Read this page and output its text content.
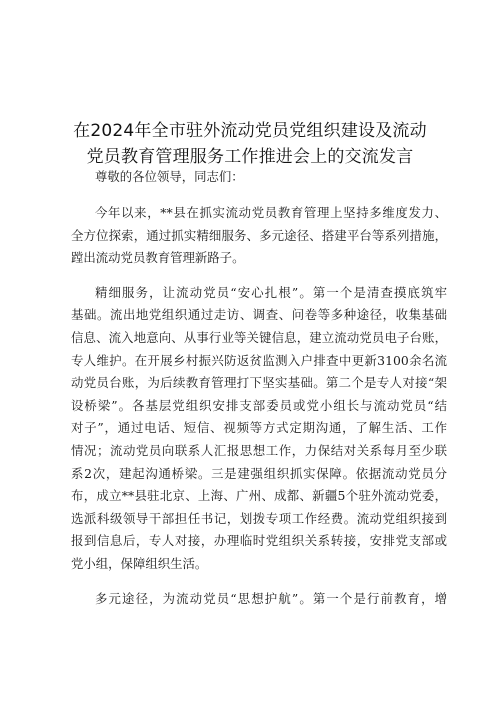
在2024年全市驻外流动党员党组织建设及流动
党员教育管理服务工作推进会上的交流发言
尊敬的各位领导，同志们：
今年以来，**县在抓实流动党员教育管理上坚持多维度发力、
全方位探索，通过抓实精细服务、多元途径、搭建平台等系列措施，
蹚出流动党员教育管理新路子。
精细服务，让流动党员“安心扎根”。第一个是清查摸底筑牢
基础。流出地党组织通过走访、调查、问卷等多种途径，收集基础
信息、流入地意向、从事行业等关键信息，建立流动党员电子台账，
专人维护。在开展乡村振兴防返贫监测入户排查中更新3100余名流
动党员台账，为后续教育管理打下坚实基础。第二个是专人对接“架
设桥梁”。各基层党组织安排支部委员或党小组长与流动党员“结
对子”，通过电话、短信、视频等方式定期沟通，了解生活、工作
情况；流动党员向联系人汇报思想工作，力保结对关系每月至少联
系2次，建起沟通桥梁。三是建强组织抓实保障。依据流动党员分
布，成立**县驻北京、上海、广州、成都、新疆5个驻外流动党委，
选派科级领导干部担任书记，划拨专项工作经费。流动党组织接到
报到信息后，专人对接，办理临时党组织关系转接，安排党支部或
党小组，保障组织生活。
多元途径，为流动党员“思想护航”。第一个是行前教育，增
